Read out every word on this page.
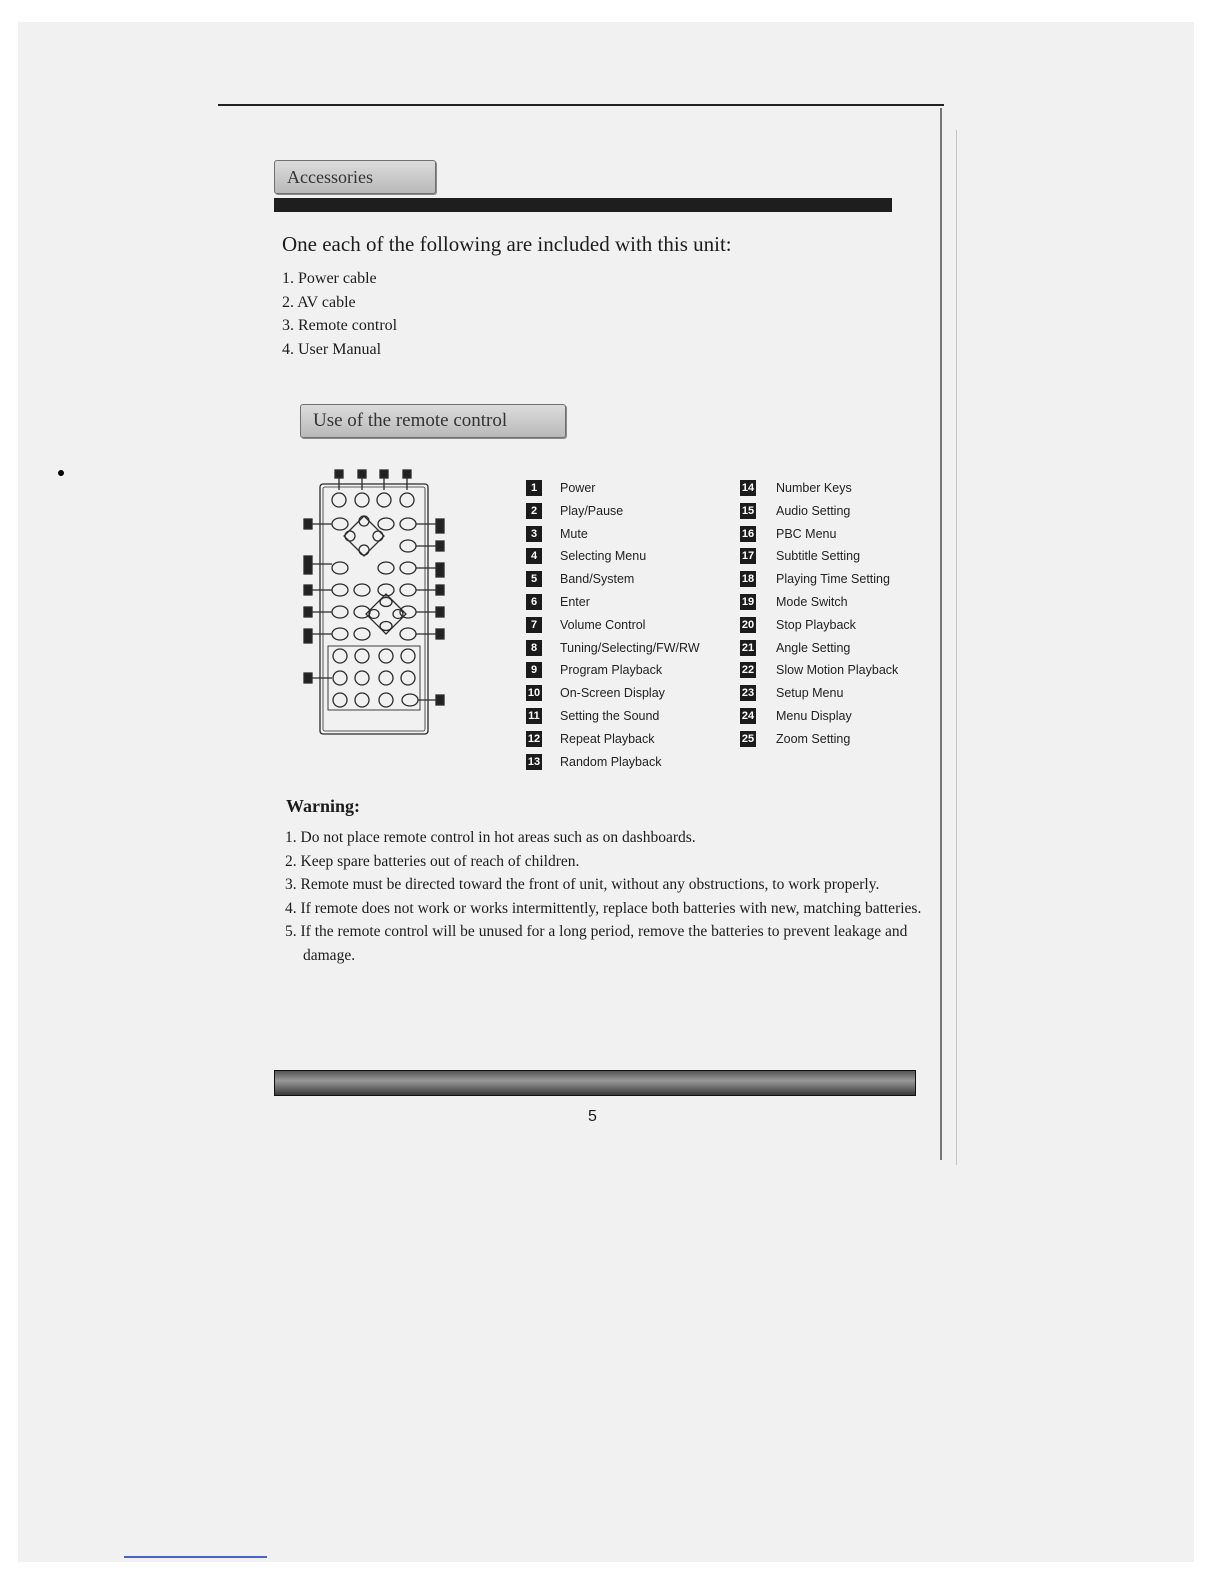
Accessories
One each of the following are included with this unit:
1. Power cable
2. AV cable
3. Remote control
4. User Manual
Use of the remote control
1	Power
2	Play/Pause
3	Mute
4	Selecting Menu
5	Band/System
6	Enter
7	Volume Control
8	Tuning/Selecting/FW/RW
9	Program Playback
10 On-Screen Display
11 Setting the Sound
12 Repeat Playback
13 Random Playback
14 Number Keys
15 Audio Setting
16 PBC Menu
17 Subtitle Setting
18 Playing Time Setting
19 Mode Switch
20 Stop Playback
21 Angle Setting
22 Slow Motion Playback
23 Setup Menu
24 Menu Display
25 Zoom Setting
Warning:
1. Do not place remote control in hot areas such as on dashboards.
2. Keep spare batteries out of reach of children.
3. Remote must be directed toward the front of unit, without any obstructions, to work properly.
4. If remote does not work or works intermittently, replace both batteries with new, matching batteries.
5. If the remote control will be unused for a long period, remove the batteries to prevent leakage and damage.
5
